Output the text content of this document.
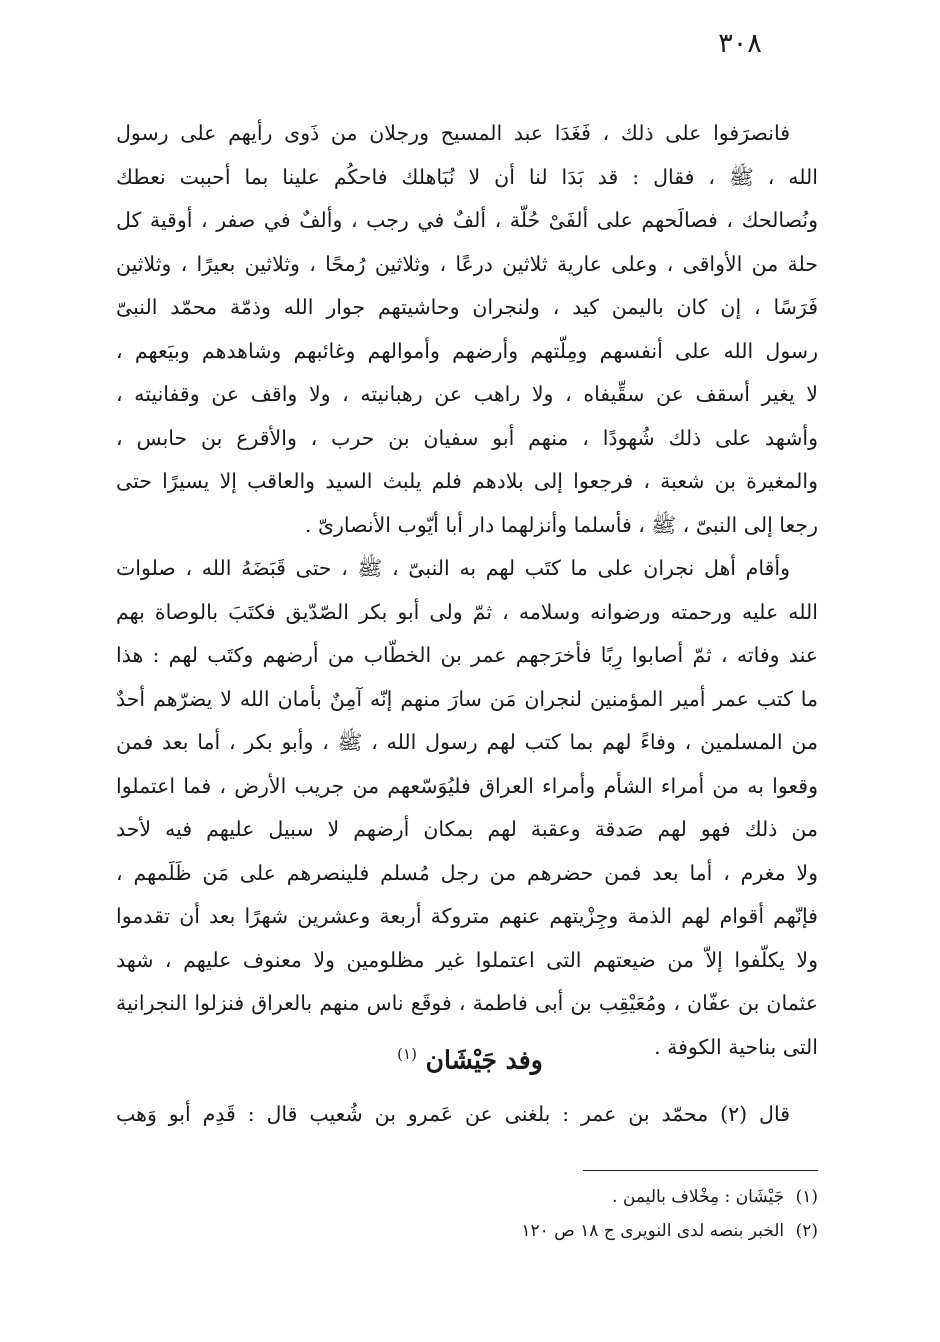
٣٠٨
فانصرَفوا على ذلك ، فَغَدَا عبد المسيح ورجلان من ذَوى رأيهم على رسول
الله ، ﷺ ، فقال : قد بَدَا لنا أن لا نُبَاهلك فاحكُم علينا بما أحببت نعطك
ونُصالحك ، فصالَحهم على ألفَىْ حُلّة ، ألفٌ في رجب ، وألفٌ في صفر ، أوقية كل
حلة من الأواقى ، وعلى عارية ثلاثين درعًا ، وثلاثين رُمحًا ، وثلاثين بعيرًا ، وثلاثين
فَرَسًا ، إن كان باليمن كيد ، ولنجران وحاشيتهم جوار الله وذمّة محمّد النبىّ
رسول الله على أنفسهم ومِلّتهم وأرضهم وأموالهم وغائبهم وشاهدهم وبيَعهم ،
لا يغير أسقف عن سقِّيفاه ، ولا راهب عن رهبانيته ، ولا واقف عن وقفانيته ،
وأشهد على ذلك شُهودًا ، منهم أبو سفيان بن حرب ، والأقرع بن حابس ،
والمغيرة بن شعبة ، فرجعوا إلى بلادهم فلم يلبث السيد والعاقب إلا يسيرًا حتى
رجعا إلى النبىّ ، ﷺ ، فأسلما وأنزلهما دار أبا أيّوب الأنصارىّ .
وأقام أهل نجران على ما كتَب لهم به النبىّ ، ﷺ ، حتى قَبَضَهُ الله ، صلوات
الله عليه ورحمته ورضوانه وسلامه ، ثمّ ولى أبو بكر الصّدّيق فكتَبَ بالوصاة بهم
عند وفاته ، ثمّ أصابوا رِبًا فأخرَجهم عمر بن الخطّاب من أرضهم وكتَب لهم : هذا
ما كتب عمر أمير المؤمنين لنجران مَن سارَ منهم إنّه آمِنٌ بأمان الله لا يضرّهم أحدٌ
من المسلمين ، وفاءً لهم بما كتب لهم رسول الله ، ﷺ ، وأبو بكر ، أما بعد فمن
وقعوا به من أمراء الشأم وأمراء العراق فليُوَسّعهم من جريب الأرض ، فما اعتملوا
من ذلك فهو لهم صَدقة وعقبة لهم بمكان أرضهم لا سبيل عليهم فيه لأحد
ولا مغرم ، أما بعد فمن حضرهم من رجل مُسلم فلينصرهم على مَن ظَلَمهم ،
فإنّهم أقوام لهم الذمة وجِزْيتهم عنهم متروكة أربعة وعشرين شهرًا بعد أن تقدموا
ولا يكلّفوا إلاّ من ضيعتهم التى اعتملوا غير مظلومين ولا معنوف عليهم ، شهد
عثمان بن عفّان ، ومُعَيْقِب بن أبى فاطمة ، فوقَع ناس منهم بالعراق فنزلوا النجرانية
التى بناحية الكوفة .
وفد جَيْشَان $^{(١)}$
قال (٢) محمّد بن عمر : بلغنى عن عَمرو بن شُعيب قال : قَدِم أبو وَهب
(١) جَيْشَان : مِخْلاف باليمن .
(٢) الخبر بنصه لدى النويرى ج ١٨ ص ١٢٠
